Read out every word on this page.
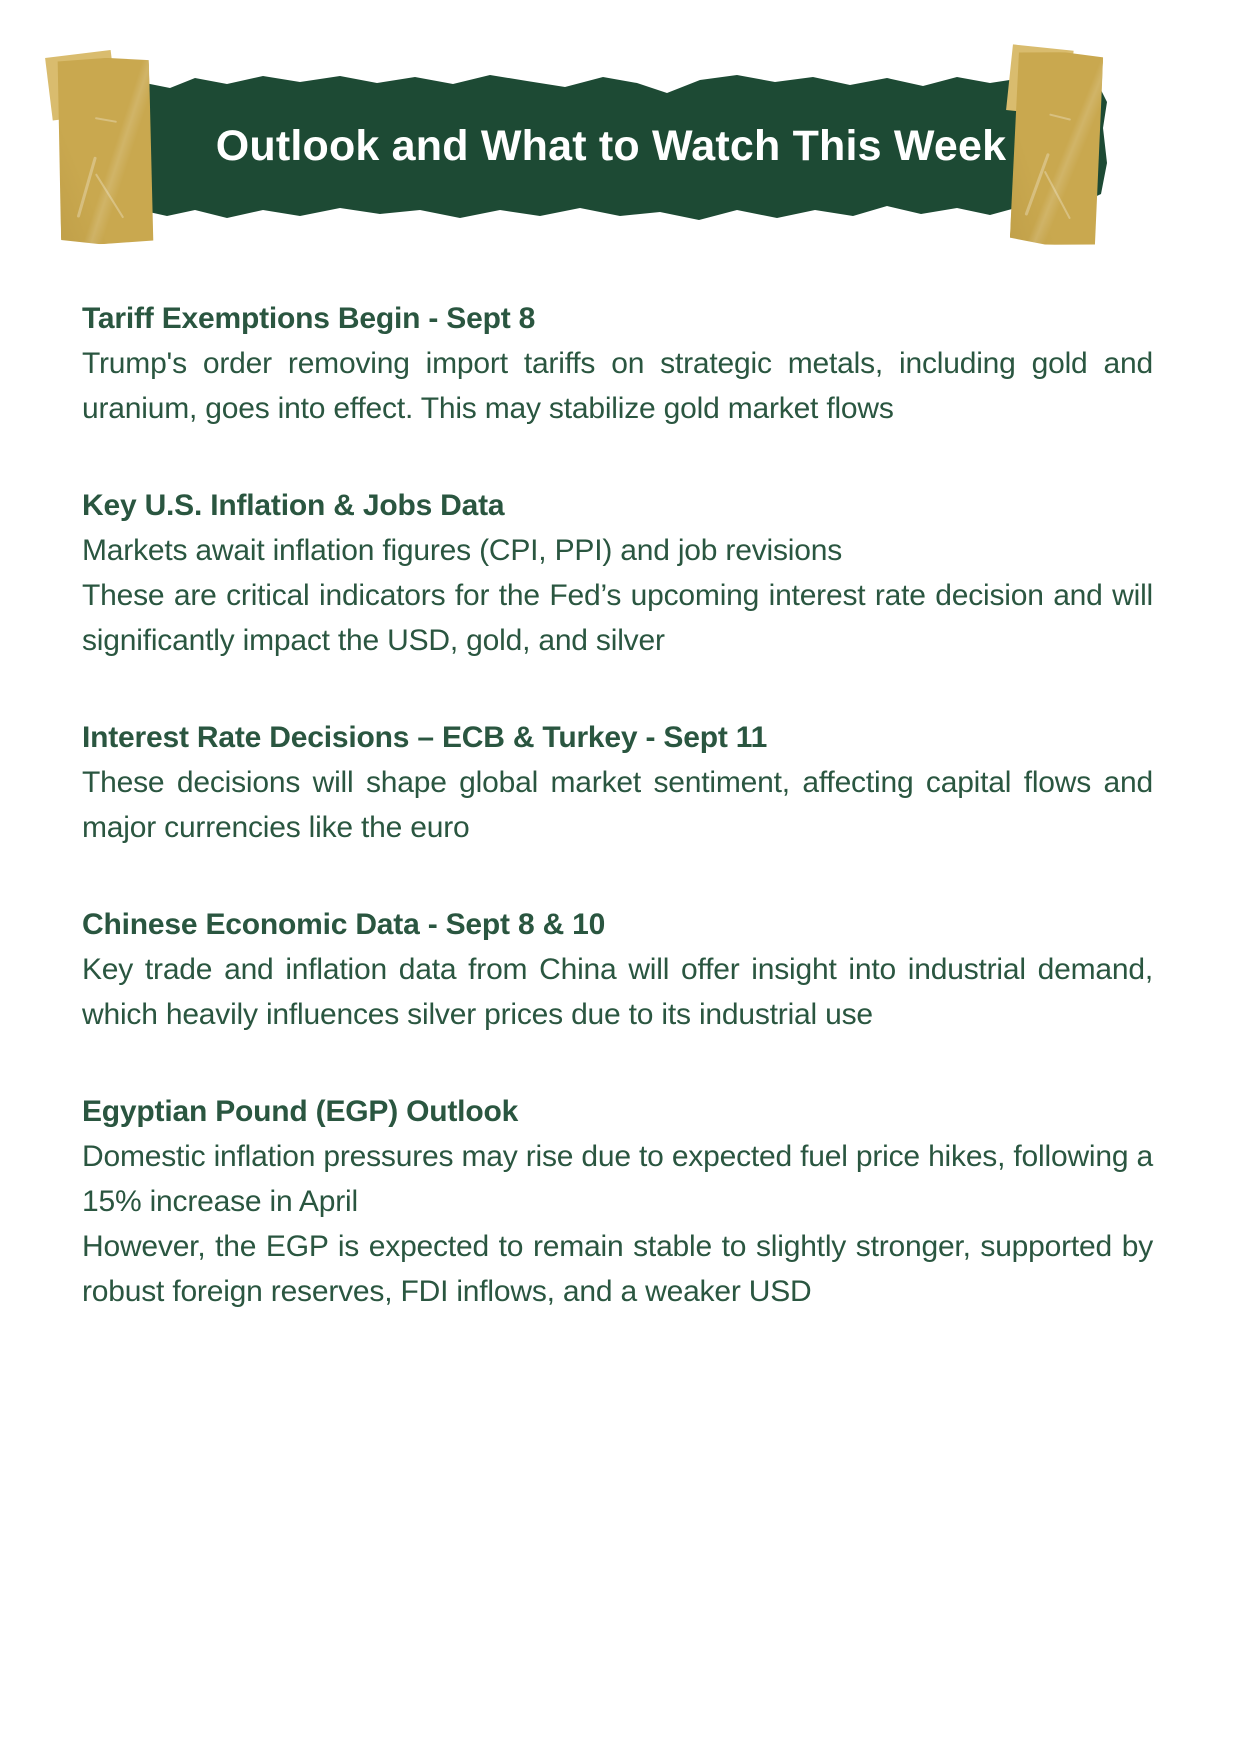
Outlook and What to Watch This Week
Tariff Exemptions Begin - Sept 8

Trump's order removing import tariffs on strategic metals, including gold and uranium, goes into effect. This may stabilize gold market flows

Key U.S. Inflation & Jobs Data

Markets await inflation figures (CPI, PPI) and job revisions

These are critical indicators for the Fed’s upcoming interest rate decision and will significantly impact the USD, gold, and silver

Interest Rate Decisions – ECB & Turkey - Sept 11

These decisions will shape global market sentiment, affecting capital flows and major currencies like the euro

Chinese Economic Data - Sept 8 & 10

Key trade and inflation data from China will offer insight into industrial demand, which heavily influences silver prices due to its industrial use

Egyptian Pound (EGP) Outlook

Domestic inflation pressures may rise due to expected fuel price hikes, following a 15% increase in April

However, the EGP is expected to remain stable to slightly stronger, supported by robust foreign reserves, FDI inflows, and a weaker USD
